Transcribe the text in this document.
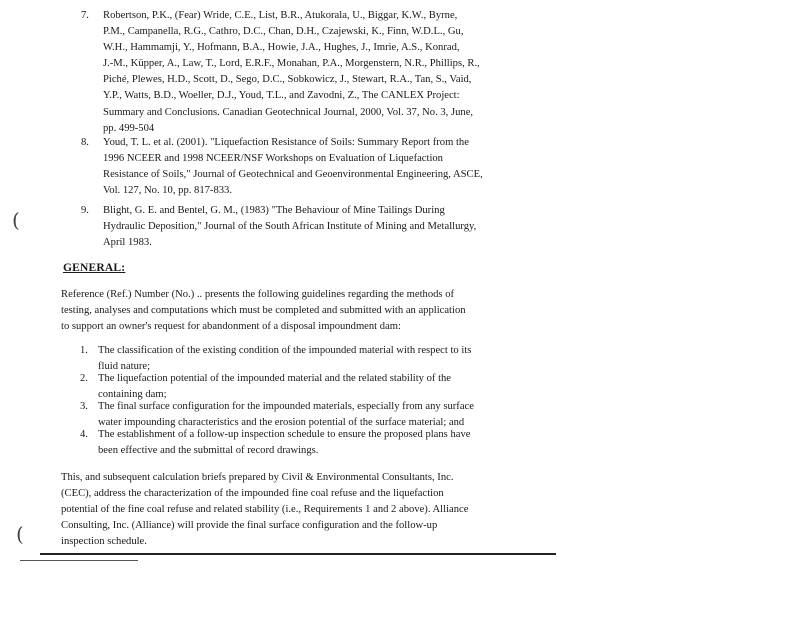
7. Robertson, P.K., (Fear) Wride, C.E., List, B.R., Atukorala, U., Biggar, K.W., Byrne,
P.M., Campanella, R.G., Cathro, D.C., Chan, D.H., Czajewski, K., Finn, W.D.L., Gu,
W.H., Hammamji, Y., Hofmann, B.A., Howie, J.A., Hughes, J., Imrie, A.S., Konrad,
J.-M., Küpper, A., Law, T., Lord, E.R.F., Monahan, P.A., Morgenstern, N.R., Phillips, R.,
Piché, Plewes, H.D., Scott, D., Sego, D.C., Sobkowicz, J., Stewart, R.A., Tan, S., Vaid,
Y.P., Watts, B.D., Woeller, D.J., Youd, T.L., and Zavodni, Z., The CANLEX Project:
Summary and Conclusions. Canadian Geotechnical Journal, 2000, Vol. 37, No. 3, June,
pp. 499-504
8. Youd, T. L. et al. (2001). "Liquefaction Resistance of Soils: Summary Report from the
1996 NCEER and 1998 NCEER/NSF Workshops on Evaluation of Liquefaction
Resistance of Soils," Journal of Geotechnical and Geoenvironmental Engineering, ASCE,
Vol. 127, No. 10, pp. 817-833.
9. Blight, G. E. and Bentel, G. M., (1983) "The Behaviour of Mine Tailings During
Hydraulic Deposition," Journal of the South African Institute of Mining and Metallurgy,
April 1983.
(
(
GENERAL:
Reference (Ref.) Number (No.) .. presents the following guidelines regarding the methods of
testing, analyses and computations which must be completed and submitted with an application
to support an owner's request for abandonment of a disposal impoundment dam:
1. The classification of the existing condition of the impounded material with respect to its
fluid nature;
2. The liquefaction potential of the impounded material and the related stability of the
containing dam;
3. The final surface configuration for the impounded materials, especially from any surface
water impounding characteristics and the erosion potential of the surface material; and
4. The establishment of a follow-up inspection schedule to ensure the proposed plans have
been effective and the submittal of record drawings.
This, and subsequent calculation briefs prepared by Civil & Environmental Consultants, Inc.
(CEC), address the characterization of the impounded fine coal refuse and the liquefaction
potential of the fine coal refuse and related stability (i.e., Requirements 1 and 2 above). Alliance
Consulting, Inc. (Alliance) will provide the final surface configuration and the follow-up
inspection schedule.
